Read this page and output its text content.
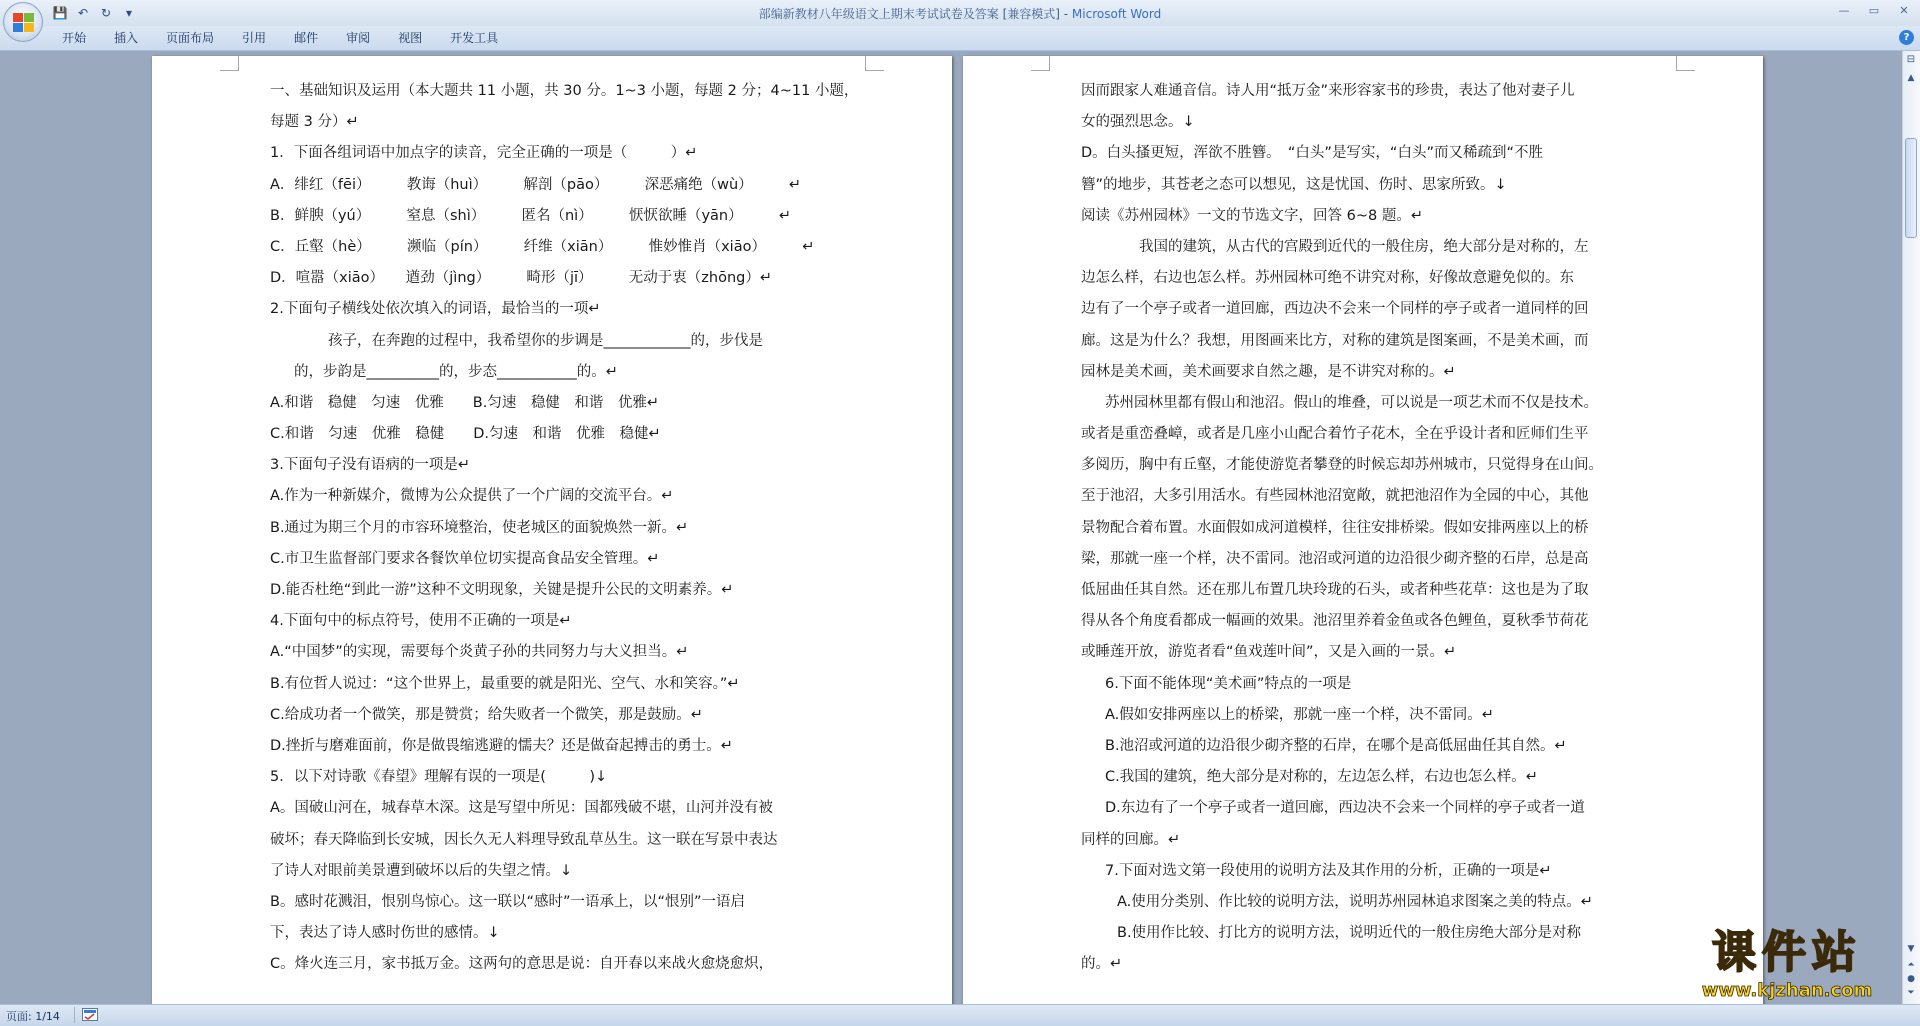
💾 ↶	↻	▾	部编新教材八年级语文上期末考试试卷及答案 [兼容模式] - Microsoft Word	— ▭	✕
开始	插入	页面布局	引用	邮件	审阅	视图	开发工具	?
一、基础知识及运用（本大题共 11 小题，共 30 分。1~3 小题，每题 2 分；4~11 小题，
每题 3 分）↵
1．下面各组词语中加点字的读音，完全正确的一项是（　　　）↵
A．绯红（fēi）　　　教诲（huì）　　　解剖（pāo）　　　深恶痛绝（wù）　　　↵
B．鲜腴（yú）　　　窒息（shì）　　　匿名（nì）　　　恹恹欲睡（yān）　　　↵
C．丘壑（hè）　　　濒临（pín）　　　纤维（xiān）　　　惟妙惟肖（xiāo）　　　↵
D．喧嚣（xiāo）　　遒劲（jìng）　　　畸形（jī）　　　无动于衷（zhōng）↵
2.下面句子横线处依次填入的词语，最恰当的一项↵
孩子，在奔跑的过程中，我希望你的步调是____________的，步伐是
的，步韵是__________的，步态___________的。↵
A.和谐　稳健　匀速　优雅　　B.匀速　稳健　和谐　优雅↵
C.和谐　匀速　优雅　稳健　　D.匀速　和谐　优雅　稳健↵
3.下面句子没有语病的一项是↵
A.作为一种新媒介，微博为公众提供了一个广阔的交流平台。↵
B.通过为期三个月的市容环境整治，使老城区的面貌焕然一新。↵
C.市卫生监督部门要求各餐饮单位切实提高食品安全管理。↵
D.能否杜绝“到此一游”这种不文明现象，关键是提升公民的文明素养。↵
4.下面句中的标点符号，使用不正确的一项是↵
A.“中国梦”的实现，需要每个炎黄子孙的共同努力与大义担当。↵
B.有位哲人说过：“这个世界上，最重要的就是阳光、空气、水和笑容。”↵
C.给成功者一个微笑，那是赞赏；给失败者一个微笑，那是鼓励。↵
D.挫折与磨难面前，你是做畏缩逃避的懦夫？还是做奋起搏击的勇士。↵
5．以下对诗歌《春望》理解有误的一项是(　　　)↓
A。国破山河在，城春草木深。这是写望中所见：国都残破不堪，山河并没有被
破坏；春天降临到长安城，因长久无人料理导致乱草丛生。这一联在写景中表达
了诗人对眼前美景遭到破坏以后的失望之情。↓
B。感时花溅泪，恨别鸟惊心。这一联以“感时”一语承上，以“恨别”一语启
下，表达了诗人感时伤世的感情。↓
C。烽火连三月，家书抵万金。这两句的意思是说：自开春以来战火愈烧愈炽，
因而跟家人难通音信。诗人用“抵万金”来形容家书的珍贵，表达了他对妻子儿
女的强烈思念。↓
D。白头搔更短，浑欲不胜簪。　“白头”是写实，“白头”而又稀疏到“不胜
簪”的地步，其苍老之态可以想见，这是忧国、伤时、思家所致。↓
阅读《苏州园林》一文的节选文字，回答 6~8 题。↵
我国的建筑，从古代的宫殿到近代的一般住房，绝大部分是对称的，左
边怎么样，右边也怎么样。苏州园林可绝不讲究对称，好像故意避免似的。东
边有了一个亭子或者一道回廊，西边决不会来一个同样的亭子或者一道同样的回
廊。这是为什么？我想，用图画来比方，对称的建筑是图案画，不是美术画，而
园林是美术画，美术画要求自然之趣，是不讲究对称的。↵
苏州园林里都有假山和池沼。假山的堆叠，可以说是一项艺术而不仅是技术。
或者是重峦叠嶂，或者是几座小山配合着竹子花木，全在乎设计者和匠师们生平
多阅历，胸中有丘壑，才能使游览者攀登的时候忘却苏州城市，只觉得身在山间。
至于池沼，大多引用活水。有些园林池沼宽敞，就把池沼作为全园的中心，其他
景物配合着布置。水面假如成河道模样，往往安排桥梁。假如安排两座以上的桥
梁，那就一座一个样，决不雷同。池沼或河道的边沿很少砌齐整的石岸，总是高
低屈曲任其自然。还在那儿布置几块玲珑的石头，或者种些花草：这也是为了取
得从各个角度看都成一幅画的效果。池沼里养着金鱼或各色鲤鱼，夏秋季节荷花
或睡莲开放，游览者看“鱼戏莲叶间”，又是入画的一景。↵
6.下面不能体现“美术画”特点的一项是
A.假如安排两座以上的桥梁，那就一座一个样，决不雷同。↵
B.池沼或河道的边沿很少砌齐整的石岸，在哪个是高低屈曲任其自然。↵
C.我国的建筑，绝大部分是对称的，左边怎么样，右边也怎么样。↵
D.东边有了一个亭子或者一道回廊，西边决不会来一个同样的亭子或者一道
同样的回廊。↵
7.下面对选文第一段使用的说明方法及其作用的分析，正确的一项是↵
A.使用分类别、作比较的说明方法，说明苏州园林追求图案之美的特点。↵
B.使用作比较、打比方的说明方法，说明近代的一般住房绝大部分是对称
的。↵
⊟
▲
▼
⏶
●
⏷
页面: 1/14
课件站
www.kjzhan.com
